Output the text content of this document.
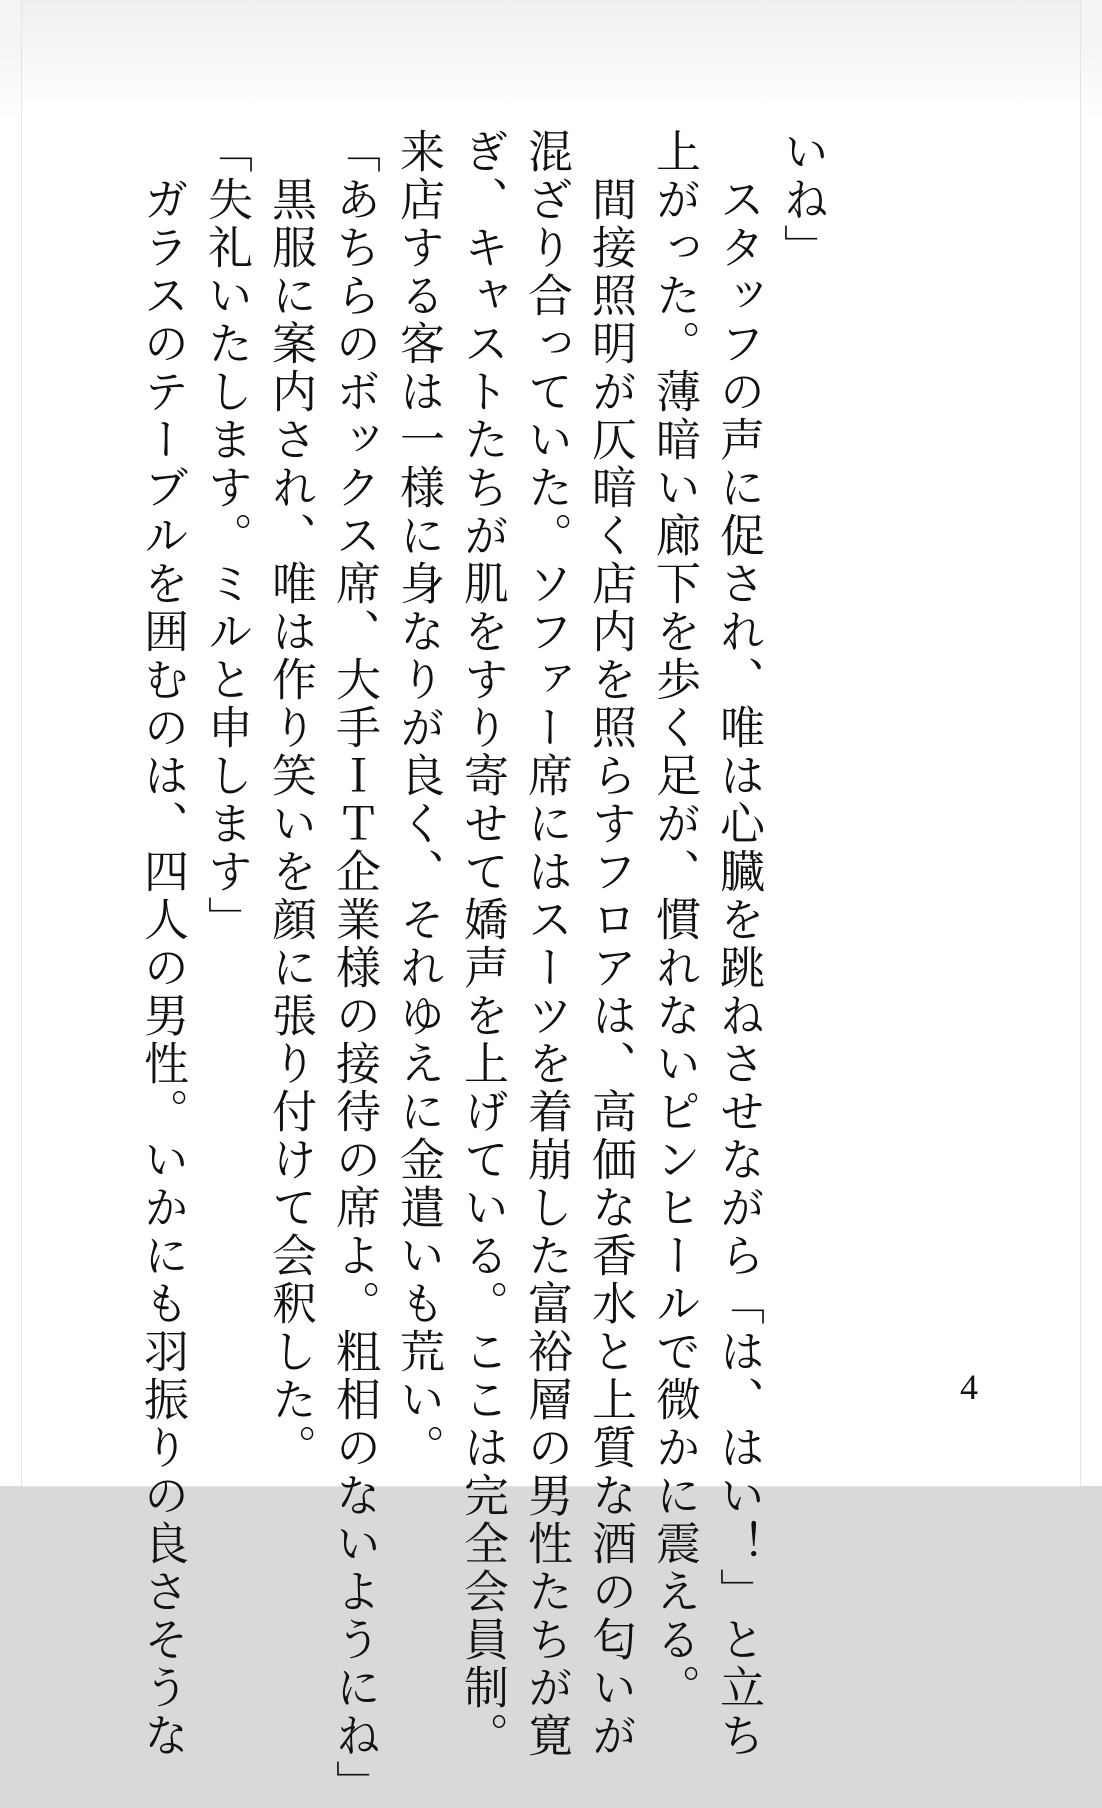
いね」
　スタッフの声に促され、唯は心臓を跳ねさせながら「は、はい！」と立ち
上がった。薄暗い廊下を歩く足が、慣れないピンヒールで微かに震える。
　間接照明が仄暗く店内を照らすフロアは、高価な香水と上質な酒の匂いが
混ざり合っていた。ソファー席にはスーツを着崩した富裕層の男性たちが寛
ぎ、キャストたちが肌をすり寄せて嬌声を上げている。ここは完全会員制。
来店する客は一様に身なりが良く、それゆえに金遣いも荒い。
「あちらのボックス席、大手ＩＴ企業様の接待の席よ。粗相のないようにね」
　黒服に案内され、唯は作り笑いを顔に張り付けて会釈した。
「失礼いたします。ミルと申します」
　ガラスのテーブルを囲むのは、四人の男性。いかにも羽振りの良さそうな	4
